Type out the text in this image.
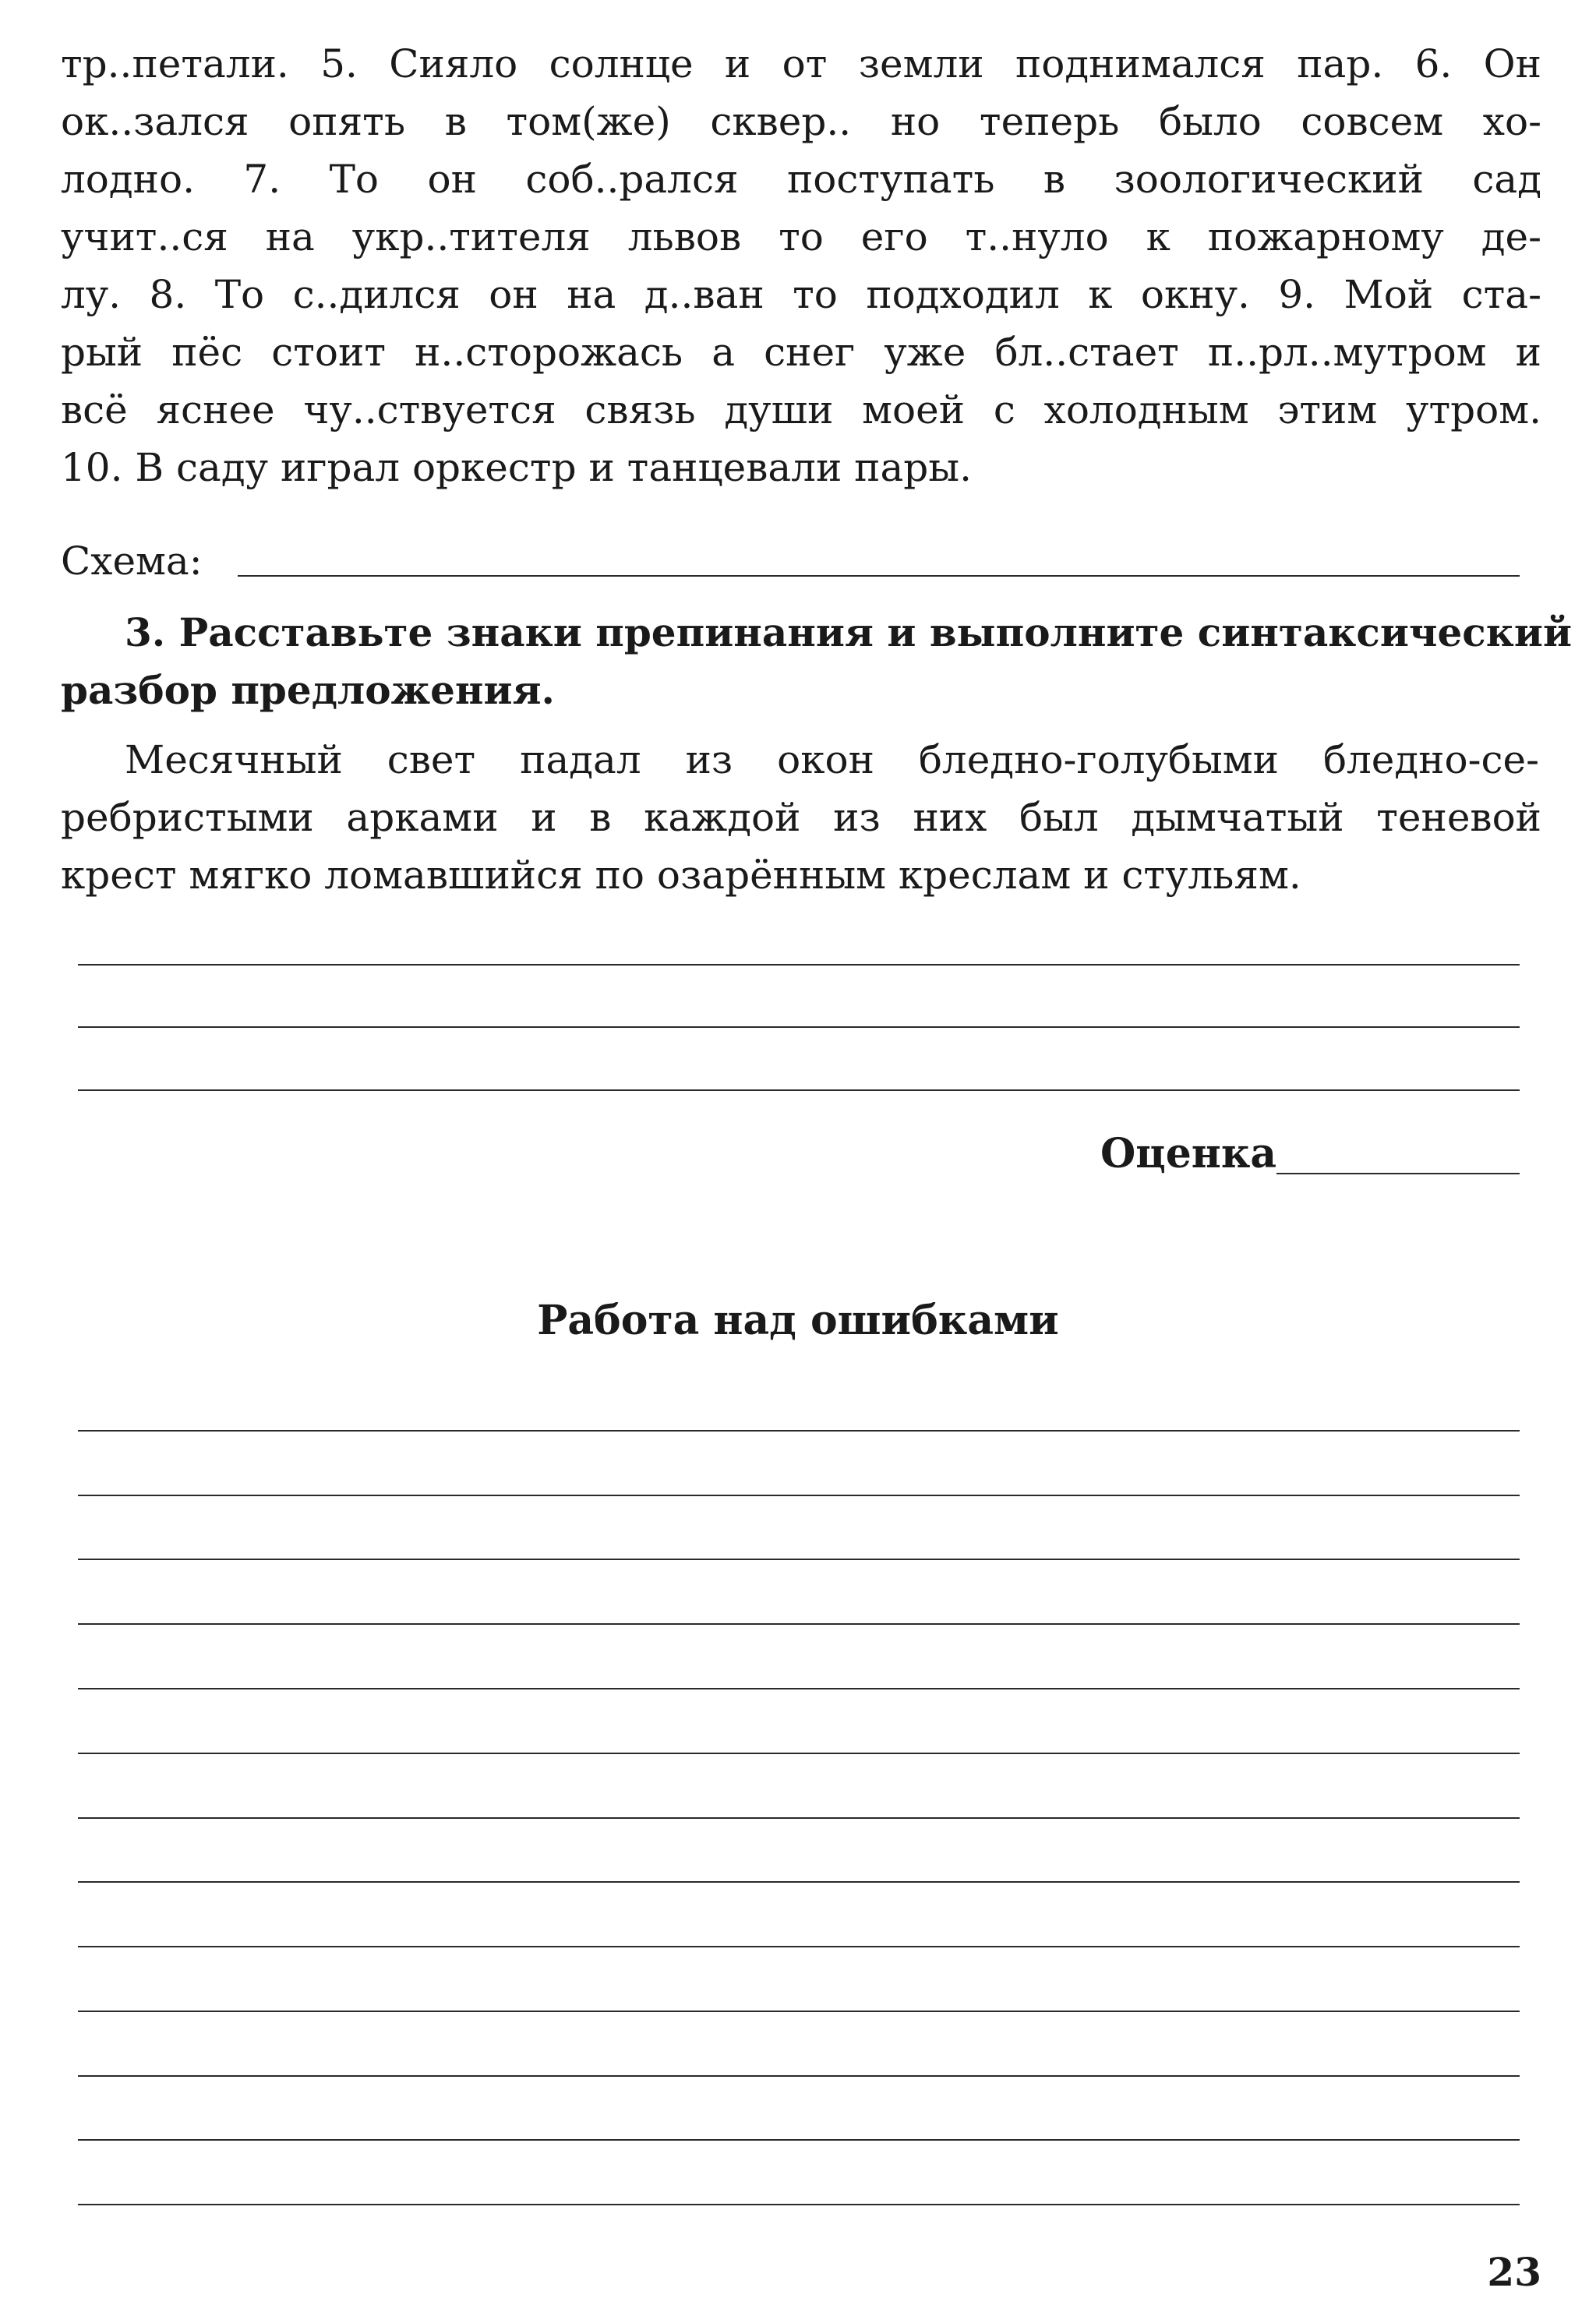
тр..петали. 5. Сияло солнце и от земли поднимался пар. 6. Он
ок..зался опять в том(же) сквер.. но теперь было совсем хо-
лодно. 7. То он соб..рался поступать в зоологический сад
учит..ся на укр..тителя львов то его т..нуло к пожарному де-
лу. 8. То с..дился он на д..ван то подходил к окну. 9. Мой ста-
рый пёс стоит н..сторожась а снег уже бл..стает п..рл..мутром и
всё яснее чу..ствуется связь души моей с холодным этим утром.
10. В саду играл оркестр и танцевали пары.
Схема:
3. Расставьте знаки препинания и выполните синтаксический
разбор предложения.
Месячный свет падал из окон бледно-голубыми бледно-се-
ребристыми арками и в каждой из них был дымчатый теневой
крест мягко ломавшийся по озарённым креслам и стульям.
Оценка
Работа над ошибками
23
